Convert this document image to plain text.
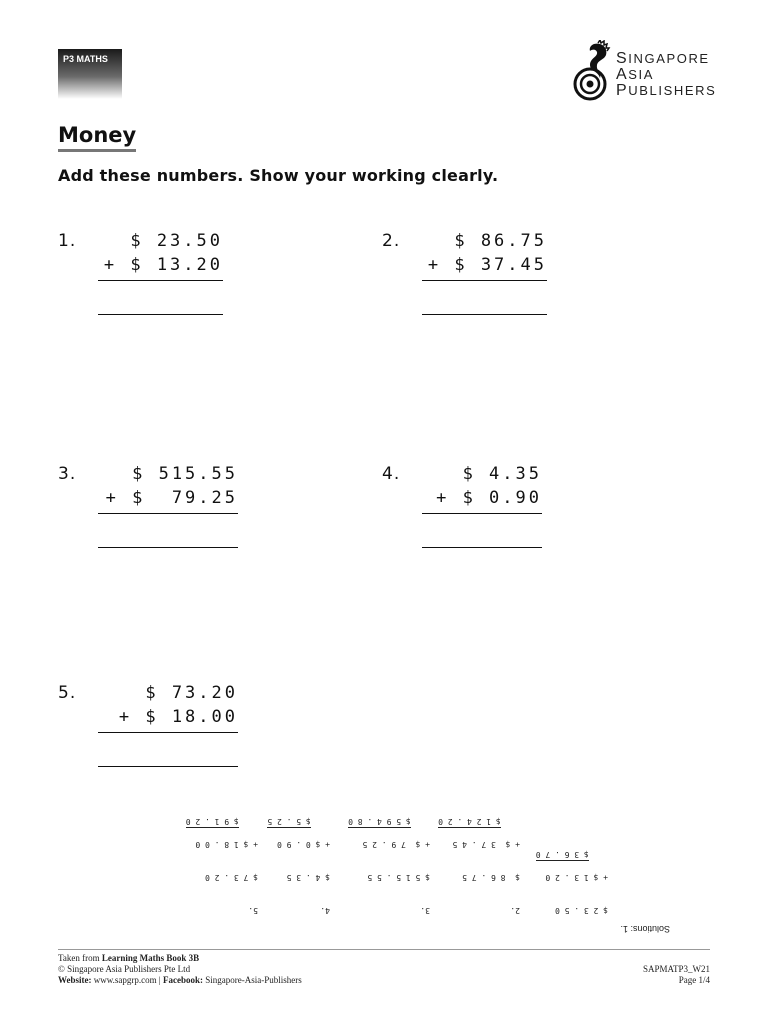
P3 MATHS	SINGAPORE
ASIA
PUBLISHERS
Money
Add these numbers. Show your working clearly.
1.	$ 23.50
+ $ 13.20
2.	$ 86.75
+ $ 37.45
3.	$ 515.55
+ $  79.25
4.	$ 4.35
+ $ 0.90
5.	$ 73.20
+ $ 18.00
Solutions: 1.

$ 2 3 . 5 0

+ $ 1 3 . 2 0

$ 3 6 . 7 0

2.

$  8 6 . 7 5

+ $  3 7 . 4 5

$ 1 2 4 . 2 0

3.

$ 5 1 5 . 5 5

+ $  7 9 . 2 5

$ 5 9 4 . 8 0

4.

$ 4 . 3 5

+ $ 0 . 9 0

$ 5 . 2 5

5.

$ 7 3 . 2 0

+ $ 1 8 . 0 0

$ 9 1 . 2 0

Taken from Learning Maths Book 3B
© Singapore Asia Publishers Pte Ltd
Website: www.sapgrp.com | Facebook: Singapore-Asia-Publishers
SAPMATP3_W21
Page 1/4
